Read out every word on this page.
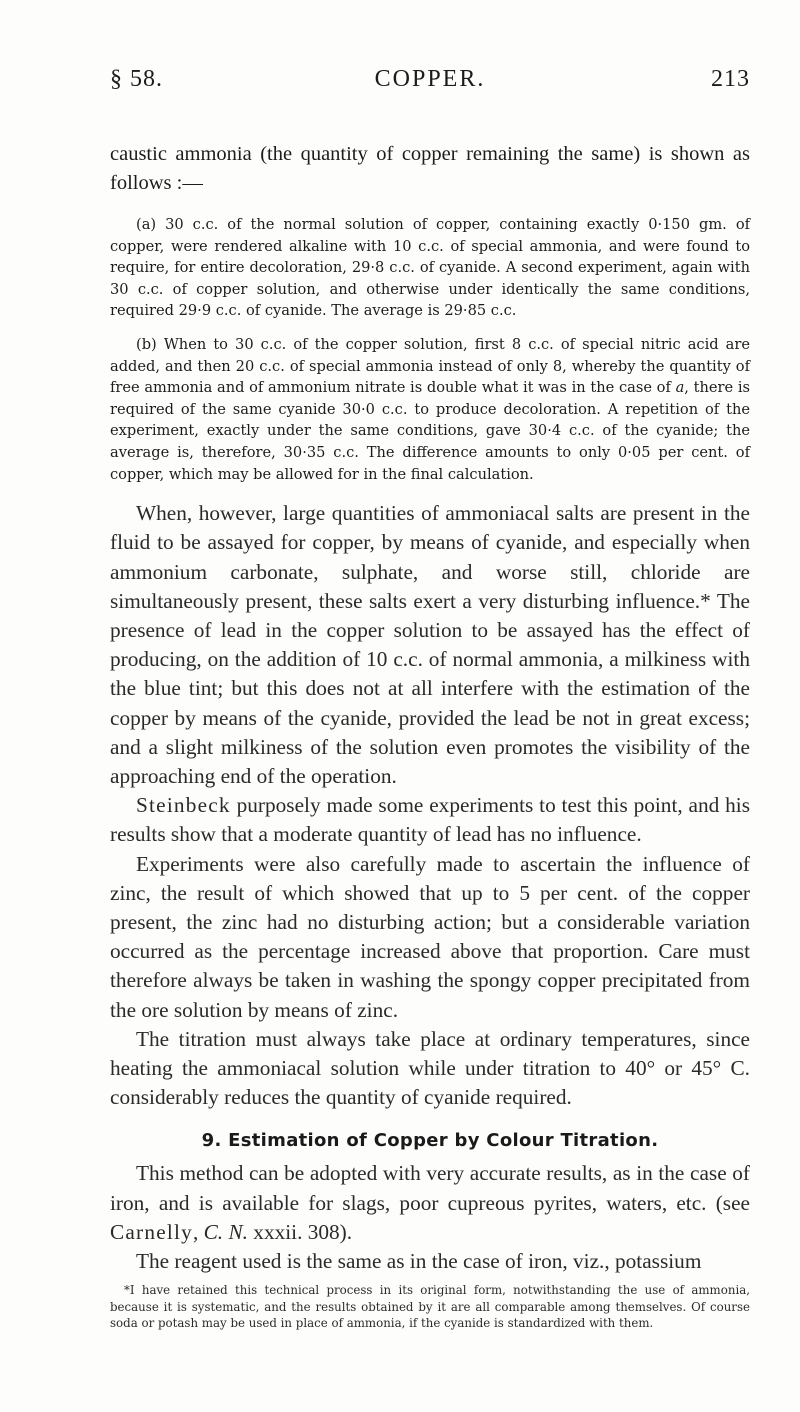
§ 58.	COPPER.	213

caustic ammonia (the quantity of copper remaining the same) is shown as follows :—

(a) 30 c.c. of the normal solution of copper, containing exactly 0·150 gm. of copper, were rendered alkaline with 10 c.c. of special ammonia, and were found to require, for entire decoloration, 29·8 c.c. of cyanide. A second experiment, again with 30 c.c. of copper solution, and otherwise under identically the same conditions, required 29·9 c.c. of cyanide. The average is 29·85 c.c.

(b) When to 30 c.c. of the copper solution, first 8 c.c. of special nitric acid are added, and then 20 c.c. of special ammonia instead of only 8, whereby the quantity of free ammonia and of ammonium nitrate is double what it was in the case of a, there is required of the same cyanide 30·0 c.c. to produce decoloration. A repetition of the experiment, exactly under the same conditions, gave 30·4 c.c. of the cyanide; the average is, therefore, 30·35 c.c. The difference amounts to only 0·05 per cent. of copper, which may be allowed for in the final calculation.

When, however, large quantities of ammoniacal salts are present in the fluid to be assayed for copper, by means of cyanide, and especially when ammonium carbonate, sulphate, and worse still, chloride are simultaneously present, these salts exert a very disturbing influence.* The presence of lead in the copper solution to be assayed has the effect of producing, on the addition of 10 c.c. of normal ammonia, a milkiness with the blue tint; but this does not at all interfere with the estimation of the copper by means of the cyanide, provided the lead be not in great excess; and a slight milkiness of the solution even promotes the visibility of the approaching end of the operation.

Steinbeck purposely made some experiments to test this point, and his results show that a moderate quantity of lead has no influence.

Experiments were also carefully made to ascertain the influence of zinc, the result of which showed that up to 5 per cent. of the copper present, the zinc had no disturbing action; but a considerable variation occurred as the percentage increased above that proportion. Care must therefore always be taken in washing the spongy copper precipitated from the ore solution by means of zinc.

The titration must always take place at ordinary temperatures, since heating the ammoniacal solution while under titration to 40° or 45° C. considerably reduces the quantity of cyanide required.

9. Estimation of Copper by Colour Titration.

This method can be adopted with very accurate results, as in the case of iron, and is available for slags, poor cupreous pyrites, waters, etc. (see Carnelly, C. N. xxxii. 308).

The reagent used is the same as in the case of iron, viz., potassium

*I have retained this technical process in its original form, notwithstanding the use of ammonia, because it is systematic, and the results obtained by it are all comparable among themselves. Of course soda or potash may be used in place of ammonia, if the cyanide is standardized with them.
